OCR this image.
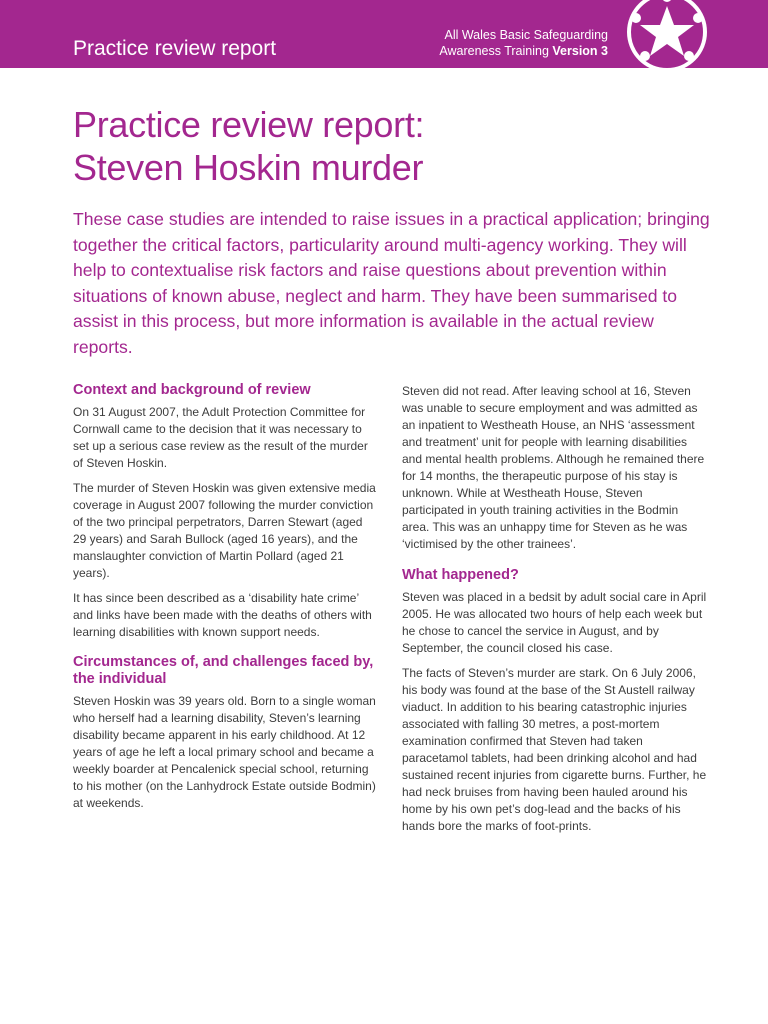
Practice review report
All Wales Basic Safeguarding
Awareness Training Version 3
Practice review report:
Steven Hoskin murder
These case studies are intended to raise issues in a practical application; bringing together the critical factors, particularity around multi-agency working. They will help to contextualise risk factors and raise questions about prevention within situations of known abuse, neglect and harm. They have been summarised to assist in this process, but more information is available in the actual review reports.
Context and background of review

On 31 August 2007, the Adult Protection Committee for Cornwall came to the decision that it was necessary to set up a serious case review as the result of the murder of Steven Hoskin.

The murder of Steven Hoskin was given extensive media coverage in August 2007 following the murder conviction of the two principal perpetrators, Darren Stewart (aged 29 years) and Sarah Bullock (aged 16 years), and the manslaughter conviction of Martin Pollard (aged 21 years).

It has since been described as a ‘disability hate crime’ and links have been made with the deaths of others with learning disabilities with known support needs.

Circumstances of, and challenges faced by, the individual

Steven Hoskin was 39 years old. Born to a single woman who herself had a learning disability, Steven’s learning disability became apparent in his early childhood. At 12 years of age he left a local primary school and became a weekly boarder at Pencalenick special school, returning to his mother (on the Lanhydrock Estate outside Bodmin) at weekends.

Steven did not read. After leaving school at 16, Steven was unable to secure employment and was admitted as an inpatient to Westheath House, an NHS ‘assessment and treatment’ unit for people with learning disabilities and mental health problems. Although he remained there for 14 months, the therapeutic purpose of his stay is unknown. While at Westheath House, Steven participated in youth training activities in the Bodmin area. This was an unhappy time for Steven as he was ‘victimised by the other trainees’.

What happened?

Steven was placed in a bedsit by adult social care in April 2005. He was allocated two hours of help each week but he chose to cancel the service in August, and by September, the council closed his case.

The facts of Steven’s murder are stark. On 6 July 2006, his body was found at the base of the St Austell railway viaduct. In addition to his bearing catastrophic injuries associated with falling 30 metres, a post-mortem examination confirmed that Steven had taken paracetamol tablets, had been drinking alcohol and had sustained recent injuries from cigarette burns. Further, he had neck bruises from having been hauled around his home by his own pet’s dog-lead and the backs of his hands bore the marks of foot-prints.
